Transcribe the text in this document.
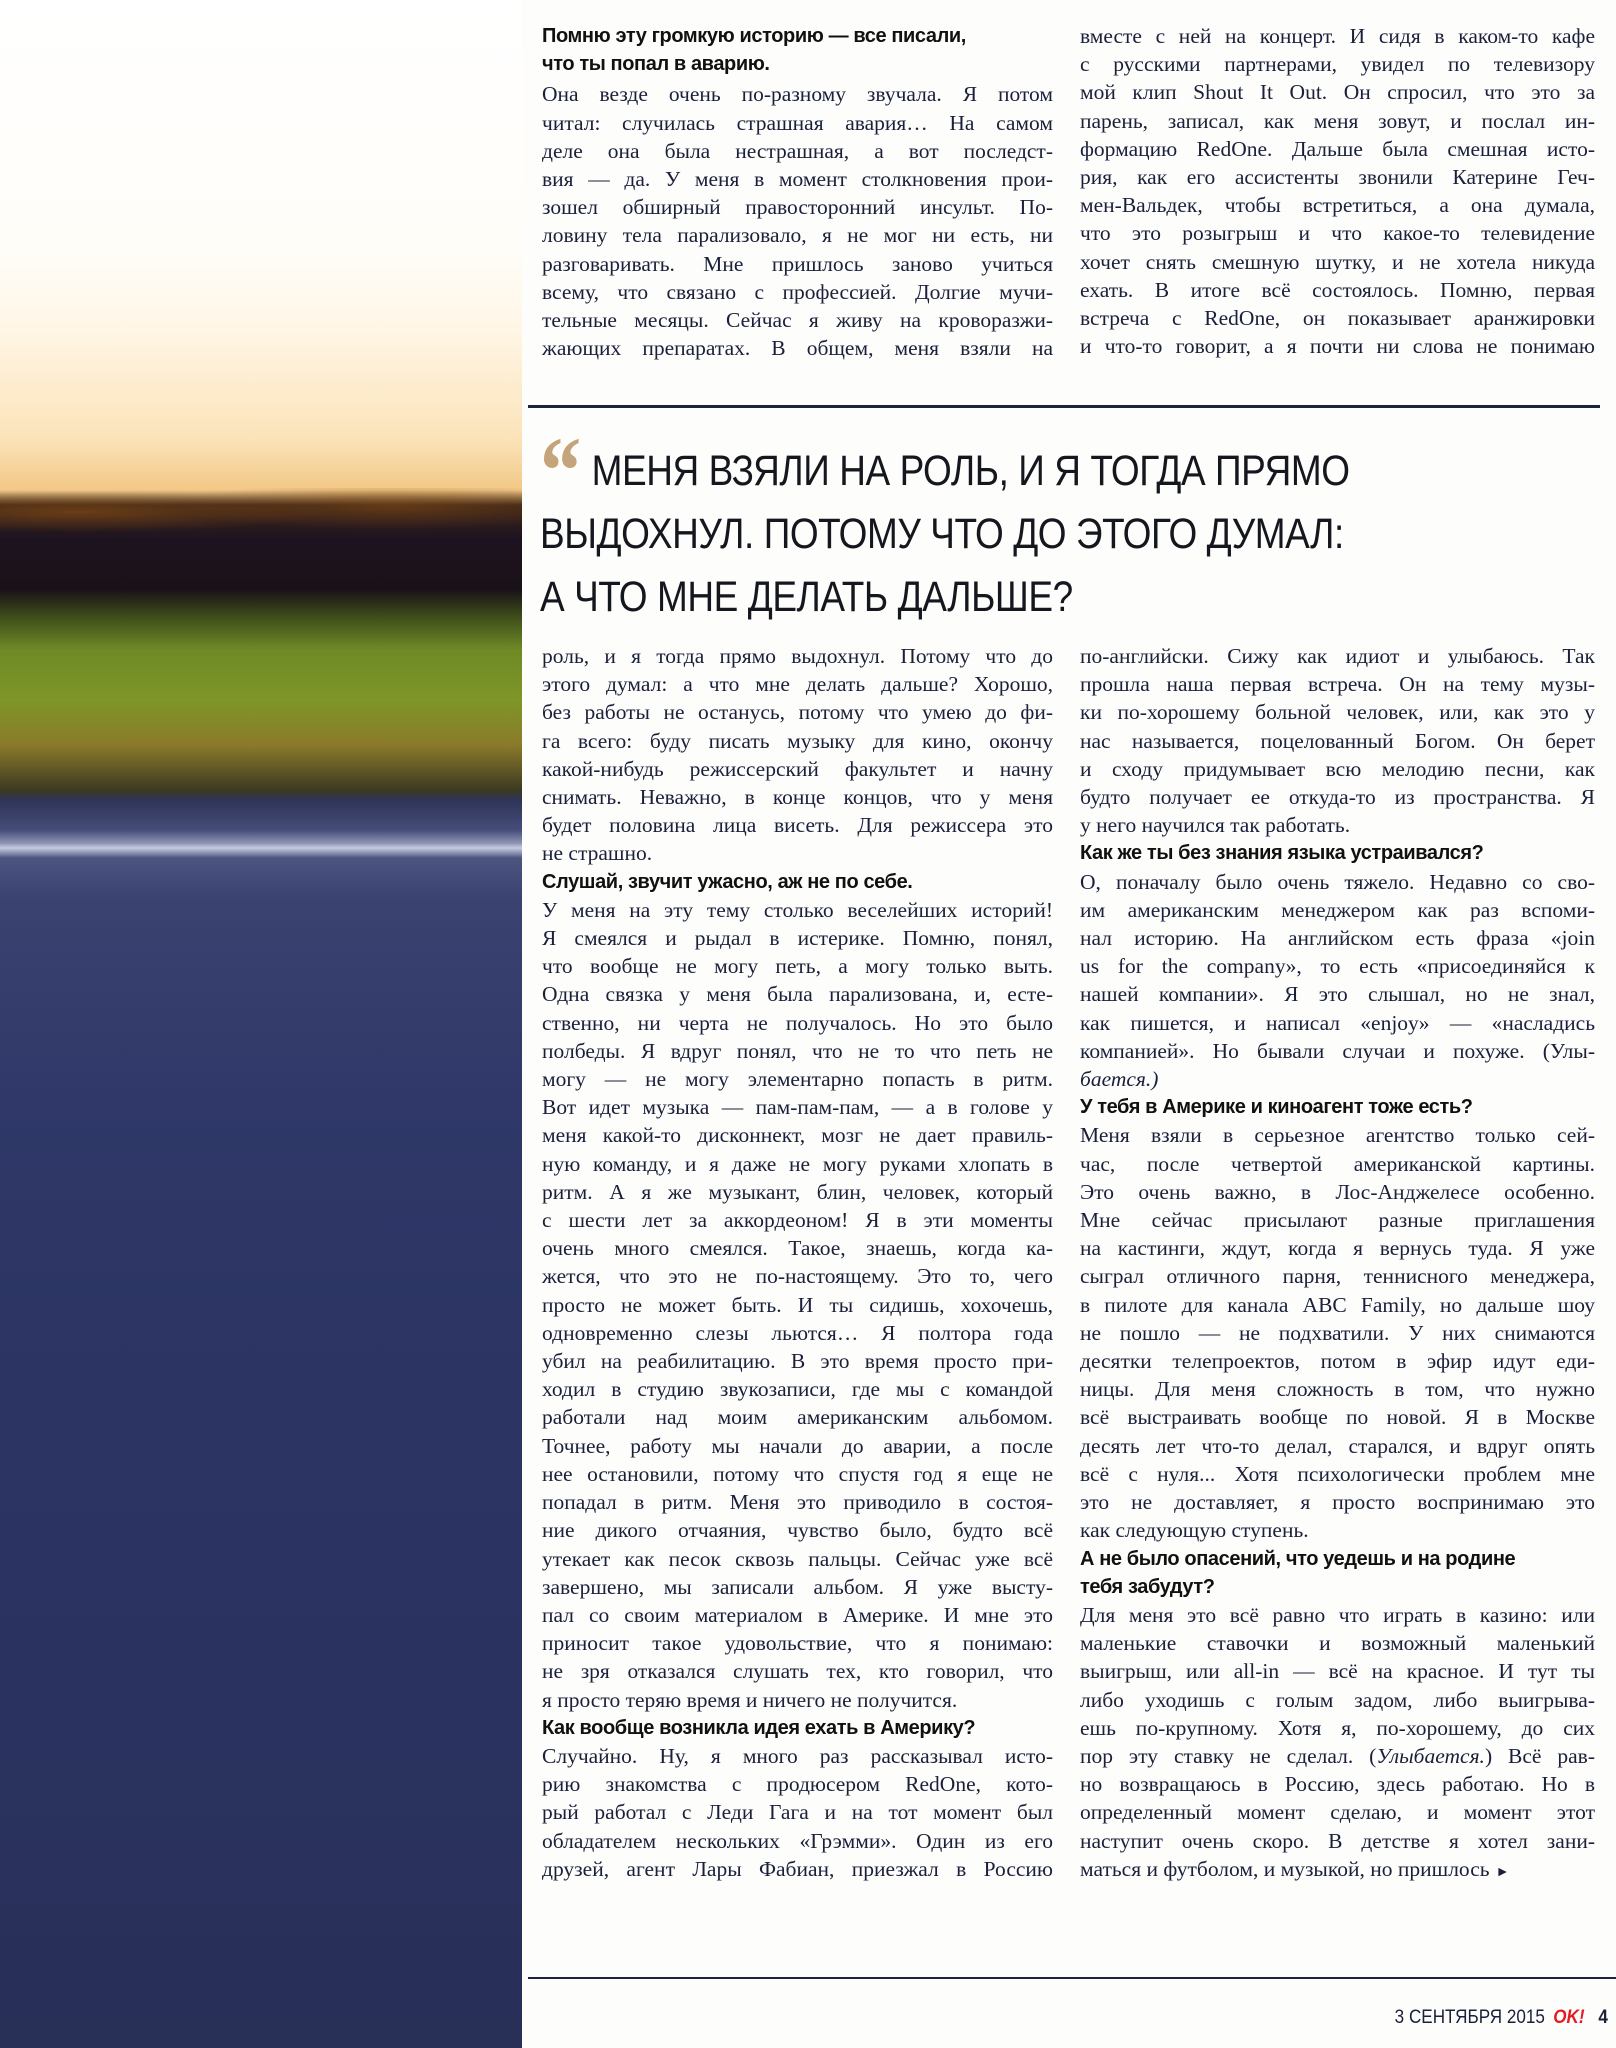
Помню эту громкую историю — все писали,
что ты попал в аварию.
Она везде очень по-разному звучала. Я потом
читал: случилась страшная авария… На самом
деле она была нестрашная, а вот последст-
вия — да. У меня в момент столкновения прои-
зошел обширный правосторонний инсульт. По-
ловину тела парализовало, я не мог ни есть, ни
разговаривать. Мне пришлось заново учиться
всему, что связано с профессией. Долгие мучи-
тельные месяцы. Сейчас я живу на кроворазжи-
жающих препаратах. В общем, меня взяли на
вместе с ней на концерт. И сидя в каком-то кафе
с русскими партнерами, увидел по телевизору
мой клип Shout It Out. Он спросил, что это за
парень, записал, как меня зовут, и послал ин-
формацию RedOne. Дальше была смешная исто-
рия, как его ассистенты звонили Катерине Геч-
мен-Вальдек, чтобы встретиться, а она думала,
что это розыгрыш и что какое-то телевидение
хочет снять смешную шутку, и не хотела никуда
ехать. В итоге всё состоялось. Помню, первая
встреча с RedOne, он показывает аранжировки
и что-то говорит, а я почти ни слова не понимаю
“ МЕНЯ ВЗЯЛИ НА РОЛЬ, И Я ТОГДА ПРЯМО
ВЫДОХНУЛ. ПОТОМУ ЧТО ДО ЭТОГО ДУМАЛ:
А ЧТО МНЕ ДЕЛАТЬ ДАЛЬШЕ?
роль, и я тогда прямо выдохнул. Потому что до
этого думал: а что мне делать дальше? Хорошо,
без работы не останусь, потому что умею до фи-
га всего: буду писать музыку для кино, окончу
какой-нибудь режиссерский факультет и начну
снимать. Неважно, в конце концов, что у меня
будет половина лица висеть. Для режиссера это
не страшно.
Слушай, звучит ужасно, аж не по себе.
У меня на эту тему столько веселейших историй!
Я смеялся и рыдал в истерике. Помню, понял,
что вообще не могу петь, а могу только выть.
Одна связка у меня была парализована, и, есте-
ственно, ни черта не получалось. Но это было
полбеды. Я вдруг понял, что не то что петь не
могу — не могу элементарно попасть в ритм.
Вот идет музыка — пам-пам-пам, — а в голове у
меня какой-то дисконнект, мозг не дает правиль-
ную команду, и я даже не могу руками хлопать в
ритм. А я же музыкант, блин, человек, который
с шести лет за аккордеоном! Я в эти моменты
очень много смеялся. Такое, знаешь, когда ка-
жется, что это не по-настоящему. Это то, чего
просто не может быть. И ты сидишь, хохочешь,
одновременно слезы льются… Я полтора года
убил на реабилитацию. В это время просто при-
ходил в студию звукозаписи, где мы с командой
работали над моим американским альбомом.
Точнее, работу мы начали до аварии, а после
нее остановили, потому что спустя год я еще не
попадал в ритм. Меня это приводило в состоя-
ние дикого отчаяния, чувство было, будто всё
утекает как песок сквозь пальцы. Сейчас уже всё
завершено, мы записали альбом. Я уже высту-
пал со своим материалом в Америке. И мне это
приносит такое удовольствие, что я понимаю:
не зря отказался слушать тех, кто говорил, что
я просто теряю время и ничего не получится.
Как вообще возникла идея ехать в Америку?
Случайно. Ну, я много раз рассказывал исто-
рию знакомства с продюсером RedOne, кото-
рый работал с Леди Гага и на тот момент был
обладателем нескольких «Грэмми». Один из его
друзей, агент Лары Фабиан, приезжал в Россию
по-английски. Сижу как идиот и улыбаюсь. Так
прошла наша первая встреча. Он на тему музы-
ки по-хорошему больной человек, или, как это у
нас называется, поцелованный Богом. Он берет
и сходу придумывает всю мелодию песни, как
будто получает ее откуда-то из пространства. Я
у него научился так работать.
Как же ты без знания языка устраивался?
О, поначалу было очень тяжело. Недавно со сво-
им американским менеджером как раз вспоми-
нал историю. На английском есть фраза «join
us for the company», то есть «присоединяйся к
нашей компании». Я это слышал, но не знал,
как пишется, и написал «enjoy» — «насладись
компанией». Но бывали случаи и похуже. (Улы-
бается.)
У тебя в Америке и киноагент тоже есть?
Меня взяли в серьезное агентство только сей-
час, после четвертой американской картины.
Это очень важно, в Лос-Анджелесе особенно.
Мне сейчас присылают разные приглашения
на кастинги, ждут, когда я вернусь туда. Я уже
сыграл отличного парня, теннисного менеджера,
в пилоте для канала ABC Family, но дальше шоу
не пошло — не подхватили. У них снимаются
десятки телепроектов, потом в эфир идут еди-
ницы. Для меня сложность в том, что нужно
всё выстраивать вообще по новой. Я в Москве
десять лет что-то делал, старался, и вдруг опять
всё с нуля... Хотя психологически проблем мне
это не доставляет, я просто воспринимаю это
как следующую ступень.
А не было опасений, что уедешь и на родине
тебя забудут?
Для меня это всё равно что играть в казино: или
маленькие ставочки и возможный маленький
выигрыш, или all-in — всё на красное. И тут ты
либо уходишь с голым задом, либо выигрыва-
ешь по-крупному. Хотя я, по-хорошему, до сих
пор эту ставку не сделал. (Улыбается.) Всё рав-
но возвращаюсь в Россию, здесь работаю. Но в
определенный момент сделаю, и момент этот
наступит очень скоро. В детстве я хотел зани-
маться и футболом, и музыкой, но пришлось ►
3 СЕНТЯБРЯ 2015 OK! 4
